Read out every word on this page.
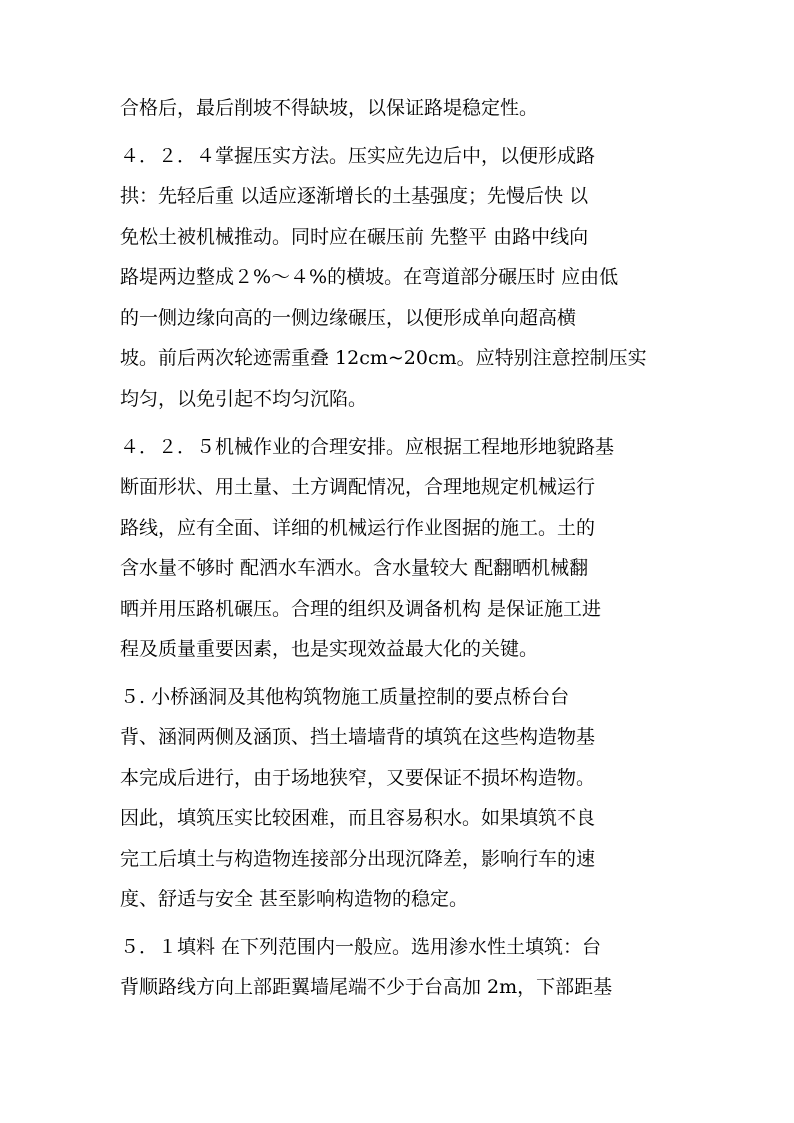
合格后，最后削坡不得缺坡，以保证路堤稳定性。
４．２．４掌握压实方法。压实应先边后中，以便形成路
拱：先轻后重 以适应逐渐增长的土基强度；先慢后快 以
免松土被机械推动。同时应在碾压前 先整平 由路中线向
路堤两边整成２%～４%的横坡。在弯道部分碾压时 应由低
的一侧边缘向高的一侧边缘碾压，以便形成单向超高横
坡。前后两次轮迹需重叠 12cm~20cm。应特别注意控制压实
均匀，以免引起不均匀沉陷。
４．２．５机械作业的合理安排。应根据工程地形地貌路基
断面形状、用土量、土方调配情况，合理地规定机械运行
路线，应有全面、详细的机械运行作业图据的施工。土的
含水量不够时 配洒水车洒水。含水量较大 配翻晒机械翻
晒并用压路机碾压。合理的组织及调备机构 是保证施工进
程及质量重要因素，也是实现效益最大化的关键。
５. 小桥涵洞及其他构筑物施工质量控制的要点桥台台
背、涵洞两侧及涵顶、挡土墙墙背的填筑在这些构造物基
本完成后进行，由于场地狭窄，又要保证不损坏构造物。
因此，填筑压实比较困难，而且容易积水。如果填筑不良
完工后填土与构造物连接部分出现沉降差，影响行车的速
度、舒适与安全 甚至影响构造物的稳定。
５．１填料 在下列范围内一般应。选用渗水性土填筑：台
背顺路线方向上部距翼墙尾端不少于台高加 2m，下部距基
